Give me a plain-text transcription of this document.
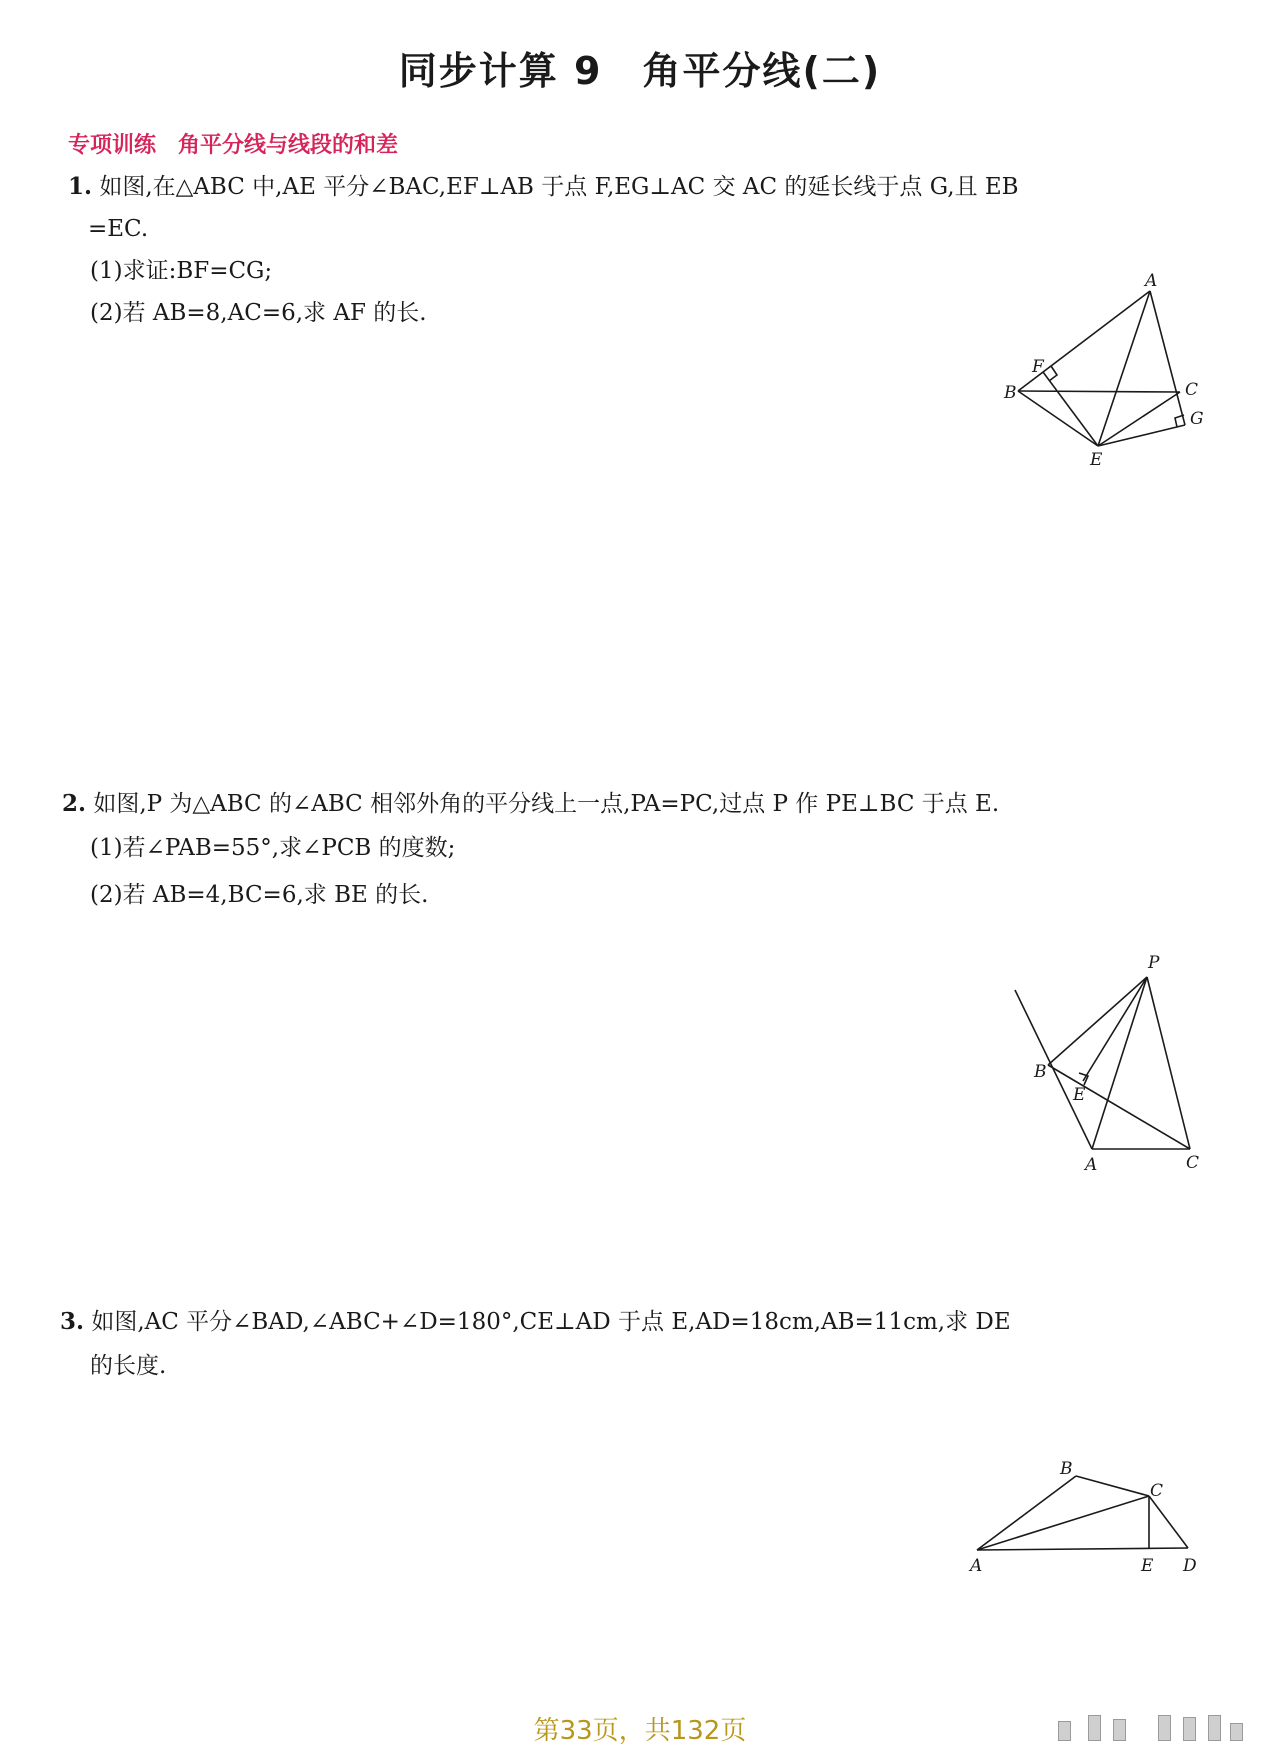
同步计算 9　角平分线(二)
专项训练　角平分线与线段的和差
1. 如图,在△ABC 中,AE 平分∠BAC,EF⊥AB 于点 F,EG⊥AC 交 AC 的延长线于点 G,且 EB
=EC.
(1)求证:BF=CG;
(2)若 AB=8,AC=6,求 AF 的长.
A
B	C
E
F
G
2. 如图,P 为△ABC 的∠ABC 相邻外角的平分线上一点,PA=PC,过点 P 作 PE⊥BC 于点 E.
(1)若∠PAB=55°,求∠PCB 的度数;
(2)若 AB=4,BC=6,求 BE 的长.
P
B
E
A	C
3. 如图,AC 平分∠BAD,∠ABC+∠D=180°,CE⊥AD 于点 E,AD=18cm,AB=11cm,求 DE
的长度.
A
B
C
D
E
第33页，共132页
